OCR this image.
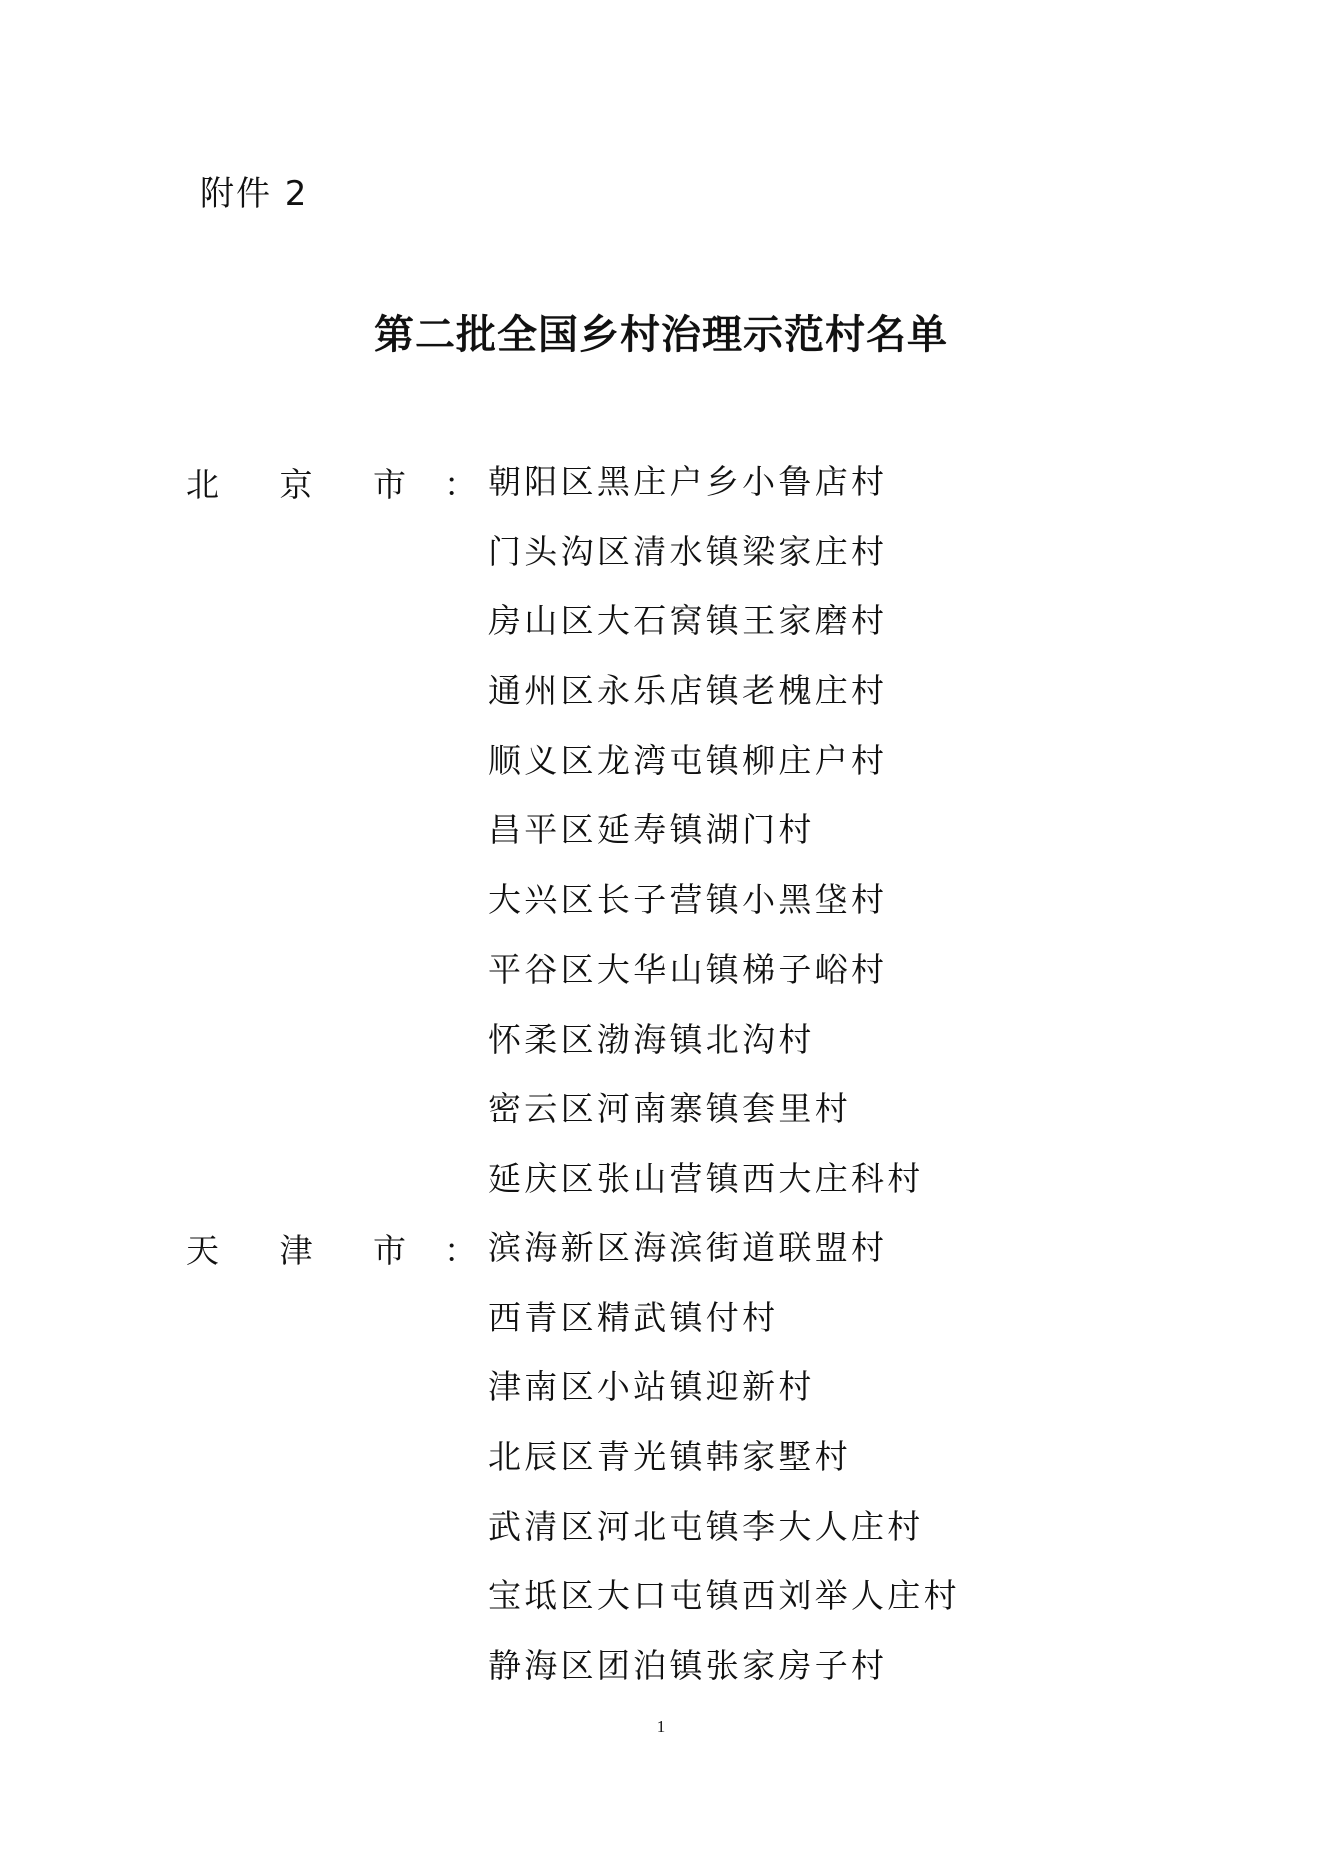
附件 2
第二批全国乡村治理示范村名单
北 京 市 ： 朝阳区黑庄户乡小鲁店村
门头沟区清水镇梁家庄村
房山区大石窝镇王家磨村
通州区永乐店镇老槐庄村
顺义区龙湾屯镇柳庄户村
昌平区延寿镇湖门村
大兴区长子营镇小黑垡村
平谷区大华山镇梯子峪村
怀柔区渤海镇北沟村
密云区河南寨镇套里村
延庆区张山营镇西大庄科村
天 津 市 ： 滨海新区海滨街道联盟村
西青区精武镇付村
津南区小站镇迎新村
北辰区青光镇韩家墅村
武清区河北屯镇李大人庄村
宝坻区大口屯镇西刘举人庄村
静海区团泊镇张家房子村
1
